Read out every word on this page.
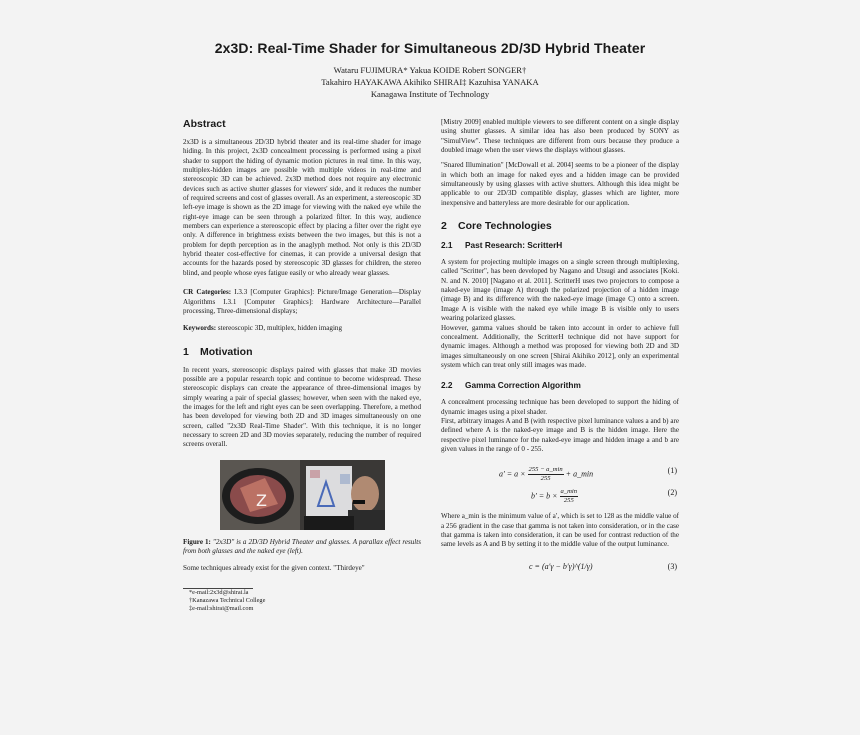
2x3D: Real-Time Shader for Simultaneous 2D/3D Hybrid Theater
Wataru FUJIMURA* Yakua KOIDE Robert SONGER†
Takahiro HAYAKAWA Akihiko SHIRAI‡ Kazuhisa YANAKA
Kanagawa Institute of Technology
Abstract

2x3D is a simultaneous 2D/3D hybrid theater and its real-time shader for image hiding. In this project, 2x3D concealment processing is performed using a pixel shader to support the hiding of dynamic motion pictures in real time. In this way, multiplex-hidden images are possible with multiple videos in real-time and stereoscopic 3D can be achieved. 2x3D method does not require any electronic devices such as active shutter glasses for viewers' side, and it reduces the number of required screens and cost of glasses overall. As an experiment, a stereoscopic 3D left-eye image is shown as the 2D image for viewing with the naked eye while the right-eye image can be seen through a polarized filter. In this way, audience members can experience a stereoscopic effect by placing a filter over the right eye only. A difference in brightness exists between the two images, but this is not a problem for depth perception as in the anaglyph method. Not only is this 2D/3D hybrid theater cost-effective for cinemas, it can provide a universal design that accounts for the hazards posed by stereoscopic 3D glasses for children, the stereo blind, and people whose eyes fatigue easily or who already wear glasses.

CR Categories: I.3.3 [Computer Graphics]: Picture/Image Generation—Display Algorithms I.3.1 [Computer Graphics]: Hardware Architecture—Parallel processing, Three-dimensional displays;

Keywords: stereoscopic 3D, multiplex, hidden imaging

1 Motivation

In recent years, stereoscopic displays paired with glasses that make 3D movies possible are a popular research topic and continue to become widespread. These stereoscopic displays can create the appearance of three-dimensional images by simply wearing a pair of special glasses; however, when seen with the naked eye, the images for the left and right eyes can be seen overlapping. Therefore, a method has been developed for viewing both 2D and 3D images simultaneously on one screen, called "2x3D Real-Time Shader". With this technique, it is no longer necessary to screen 2D and 3D movies separately, reducing the number of required screens overall.

Z

Figure 1: "2x3D" is a 2D/3D Hybrid Theater and glasses. A parallax effect results from both glasses and the naked eye (left).

Some techniques already exist for the given context. "Thirdeye"

*e-mail:2x3d@shirai.la
†Kanazawa Technical College
‡e-mail:shirai@mail.com

[Mistry 2009] enabled multiple viewers to see different content on a single display using shutter glasses. A similar idea has also been produced by SONY as "SimulView". These techniques are different from ours because they produce a doubled image when the user views the displays without glasses.

"Snared Illumination" [McDowall et al. 2004] seems to be a pioneer of the display in which both an image for naked eyes and a hidden image can be provided simultaneously by using glasses with active shutters. Although this idea might be applicable to our 2D/3D compatible display, glasses which are lighter, more inexpensive and batteryless are more desirable for our application.

2 Core Technologies
2.1 Past Research: ScritterH

A system for projecting multiple images on a single screen through multiplexing, called "Scritter", has been developed by Nagano and Utsugi and associates [Koki. N. and N. 2010] [Nagano et al. 2011]. ScritterH uses two projectors to compose a naked-eye image (image A) through the polarized projection of a hidden image (image B) and its difference with the naked-eye image (image C) onto a screen. Image A is visible with the naked eye while image B is visible only to users wearing polarized glasses.

However, gamma values should be taken into account in order to achieve full concealment. Additionally, the ScritterH technique did not have support for dynamic images. Although a method was proposed for viewing both 2D and 3D images simultaneously on one screen [Shirai Akihiko 2012], only an experimental system which can treat only still images was made.

2.2 Gamma Correction Algorithm

A concealment processing technique has been developed to support the hiding of dynamic images using a pixel shader.

First, arbitrary images A and B (with respective pixel luminance values a and b) are defined where A is the naked-eye image and B is the hidden image. Here the respective pixel luminance for the naked-eye image and hidden image a and b are given values in the range of 0 - 255.

$a' = a \times \frac{255 - a\_\min}{255}$ + a_min	(1)
$b' = b \times \frac{a\_\min}{255}$	(2)

Where a_min is the minimum value of a′, which is set to 128 as the middle value of a 256 gradient in the case that gamma is not taken into consideration, or in the case that gamma is taken into consideration, it can be used for contrast reduction of the same levels as A and B by setting it to the middle value of the output luminance.

c = (a′γ − b′γ)^(1/γ)	(3)
